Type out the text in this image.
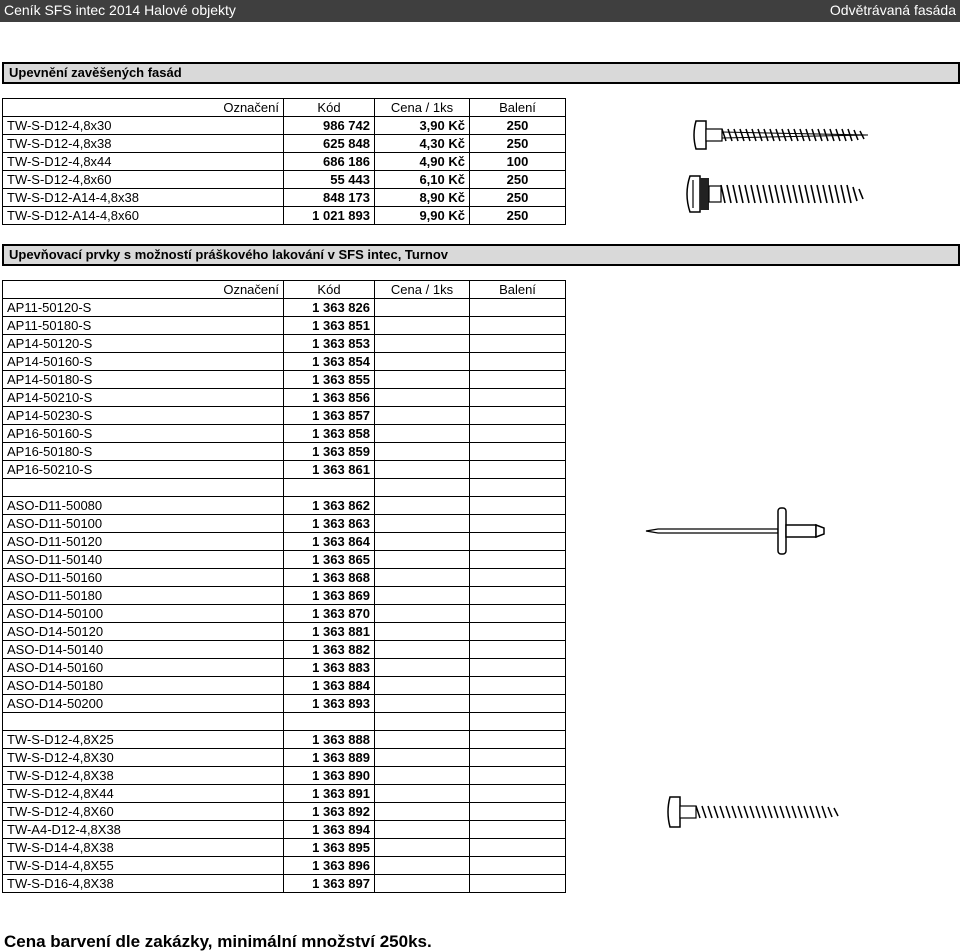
Ceník SFS intec 2014 Halové objekty	Odvětrávaná fasáda
Upevnění zavěšených fasád
Označení	Kód	Cena / 1ks	Balení
TW-S-D12-4,8x30	986 742	3,90 Kč	250
TW-S-D12-4,8x38	625 848	4,30 Kč	250
TW-S-D12-4,8x44	686 186	4,90 Kč	100
TW-S-D12-4,8x60	55 443	6,10 Kč	250
TW-S-D12-A14-4,8x38	848 173	8,90 Kč	250
TW-S-D12-A14-4,8x60	1 021 893	9,90 Kč	250
Upevňovací prvky s možností práškového lakování v SFS intec, Turnov
Označení	Kód	Cena / 1ks	Balení
AP11-50120-S	1 363 826		
AP11-50180-S	1 363 851		
AP14-50120-S	1 363 853		
AP14-50160-S	1 363 854		
AP14-50180-S	1 363 855		
AP14-50210-S	1 363 856		
AP14-50230-S	1 363 857		
AP16-50160-S	1 363 858		
AP16-50180-S	1 363 859		
AP16-50210-S	1 363 861		

ASO-D11-50080	1 363 862		
ASO-D11-50100	1 363 863		
ASO-D11-50120	1 363 864		
ASO-D11-50140	1 363 865		
ASO-D11-50160	1 363 868		
ASO-D11-50180	1 363 869		
ASO-D14-50100	1 363 870		
ASO-D14-50120	1 363 881		
ASO-D14-50140	1 363 882		
ASO-D14-50160	1 363 883		
ASO-D14-50180	1 363 884		
ASO-D14-50200	1 363 893		

TW-S-D12-4,8X25	1 363 888		
TW-S-D12-4,8X30	1 363 889		
TW-S-D12-4,8X38	1 363 890		
TW-S-D12-4,8X44	1 363 891		
TW-S-D12-4,8X60	1 363 892		
TW-A4-D12-4,8X38	1 363 894		
TW-S-D14-4,8X38	1 363 895		
TW-S-D14-4,8X55	1 363 896		
TW-S-D16-4,8X38	1 363 897		
Cena barvení dle zakázky, minimální množství 250ks.
